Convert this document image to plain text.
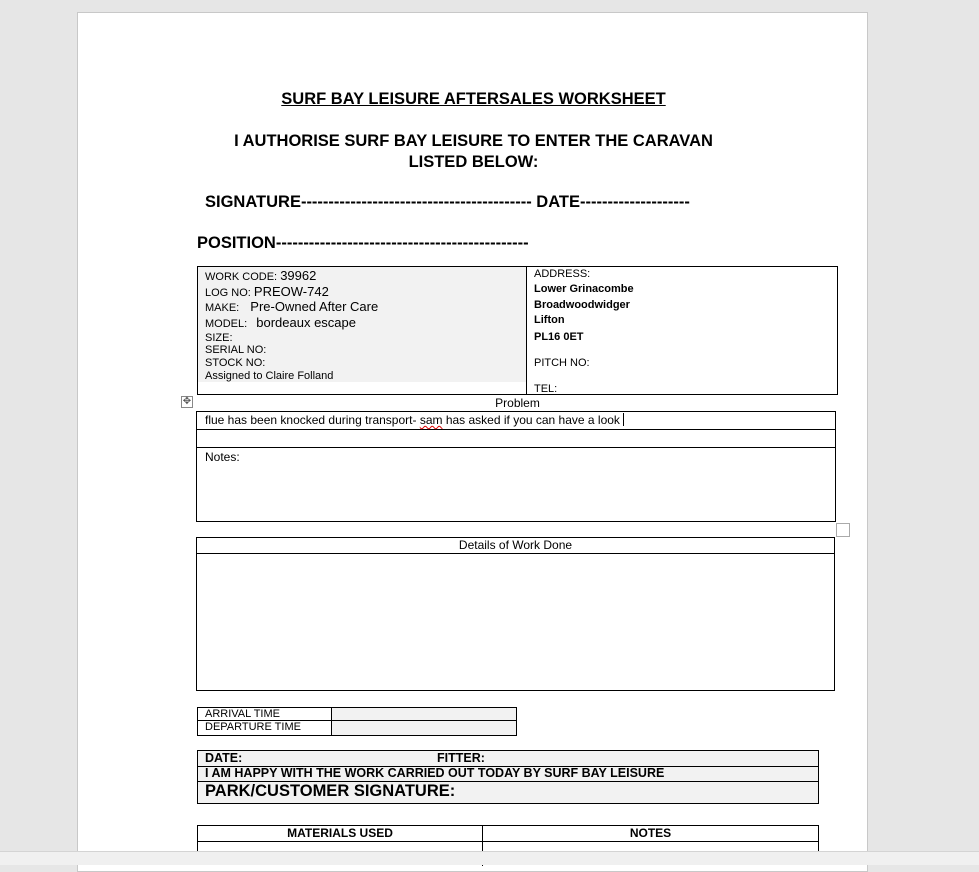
SURF BAY LEISURE AFTERSALES WORKSHEET
I AUTHORISE SURF BAY LEISURE TO ENTER THE CARAVAN
LISTED BELOW:
SIGNATURE------------------------------------------ DATE--------------------
POSITION----------------------------------------------
WORK CODE: 39962
LOG NO: PREOW-742
MAKE: Pre-Owned After Care
MODEL: bordeaux escape
SIZE:
SERIAL NO:
STOCK NO:
Assigned to Claire Folland
ADDRESS:
Lower Grinacombe
Broadwoodwidger
Lifton
PL16 0ET
PITCH NO:
TEL:
✥	Problem
flue has been knocked during transport- sam has asked if you can have a look
Notes:
Details of Work Done
ARRIVAL TIME
DEPARTURE TIME
DATE:	FITTER:
I AM HAPPY WITH THE WORK CARRIED OUT TODAY BY SURF BAY LEISURE
PARK/CUSTOMER SIGNATURE:
MATERIALS USED	NOTES
